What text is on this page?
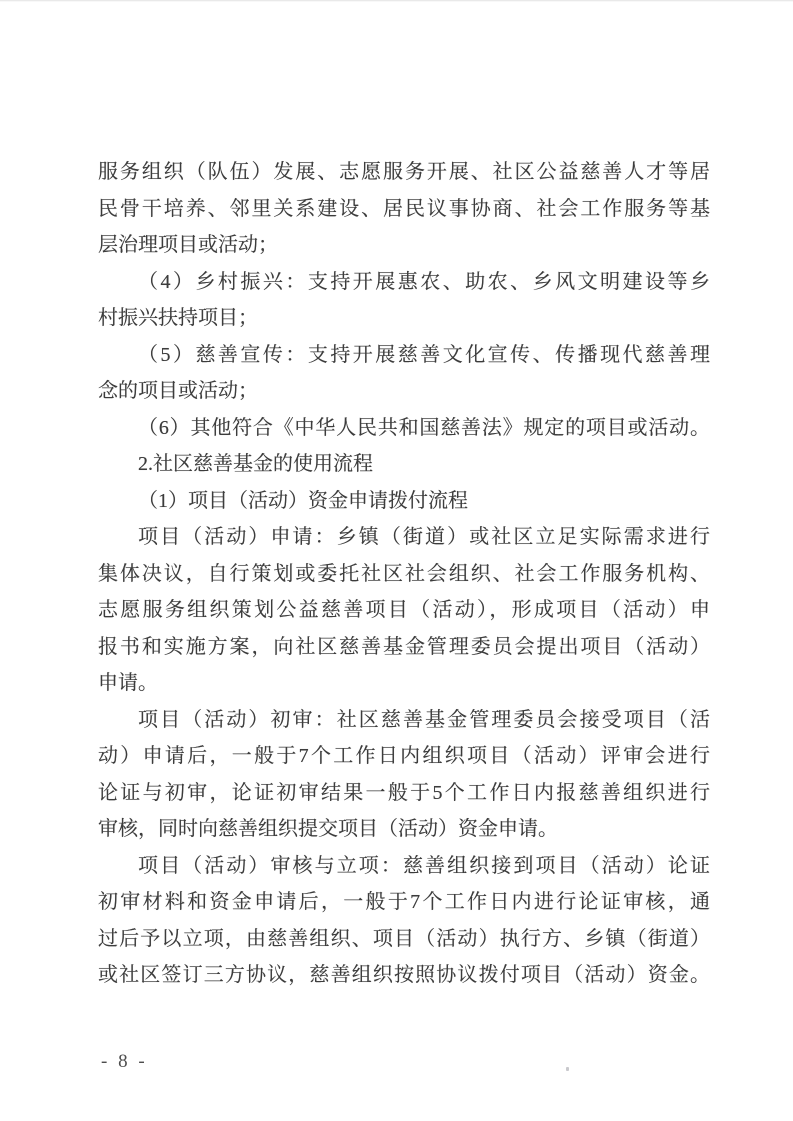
服务组织（队伍）发展、志愿服务开展、社区公益慈善人才等居
民骨干培养、邻里关系建设、居民议事协商、社会工作服务等基
层治理项目或活动；
（4）乡村振兴：支持开展惠农、助农、乡风文明建设等乡
村振兴扶持项目；
（5）慈善宣传：支持开展慈善文化宣传、传播现代慈善理
念的项目或活动；
（6）其他符合《中华人民共和国慈善法》规定的项目或活动。
2.社区慈善基金的使用流程
（1）项目（活动）资金申请拨付流程
项目（活动）申请：乡镇（街道）或社区立足实际需求进行
集体决议，自行策划或委托社区社会组织、社会工作服务机构、
志愿服务组织策划公益慈善项目（活动），形成项目（活动）申
报书和实施方案，向社区慈善基金管理委员会提出项目（活动）
申请。
项目（活动）初审：社区慈善基金管理委员会接受项目（活
动）申请后，一般于7个工作日内组织项目（活动）评审会进行
论证与初审，论证初审结果一般于5个工作日内报慈善组织进行
审核，同时向慈善组织提交项目（活动）资金申请。
项目（活动）审核与立项：慈善组织接到项目（活动）论证
初审材料和资金申请后，一般于7个工作日内进行论证审核，通
过后予以立项，由慈善组织、项目（活动）执行方、乡镇（街道）
或社区签订三方协议，慈善组织按照协议拨付项目（活动）资金。
- 8 -
